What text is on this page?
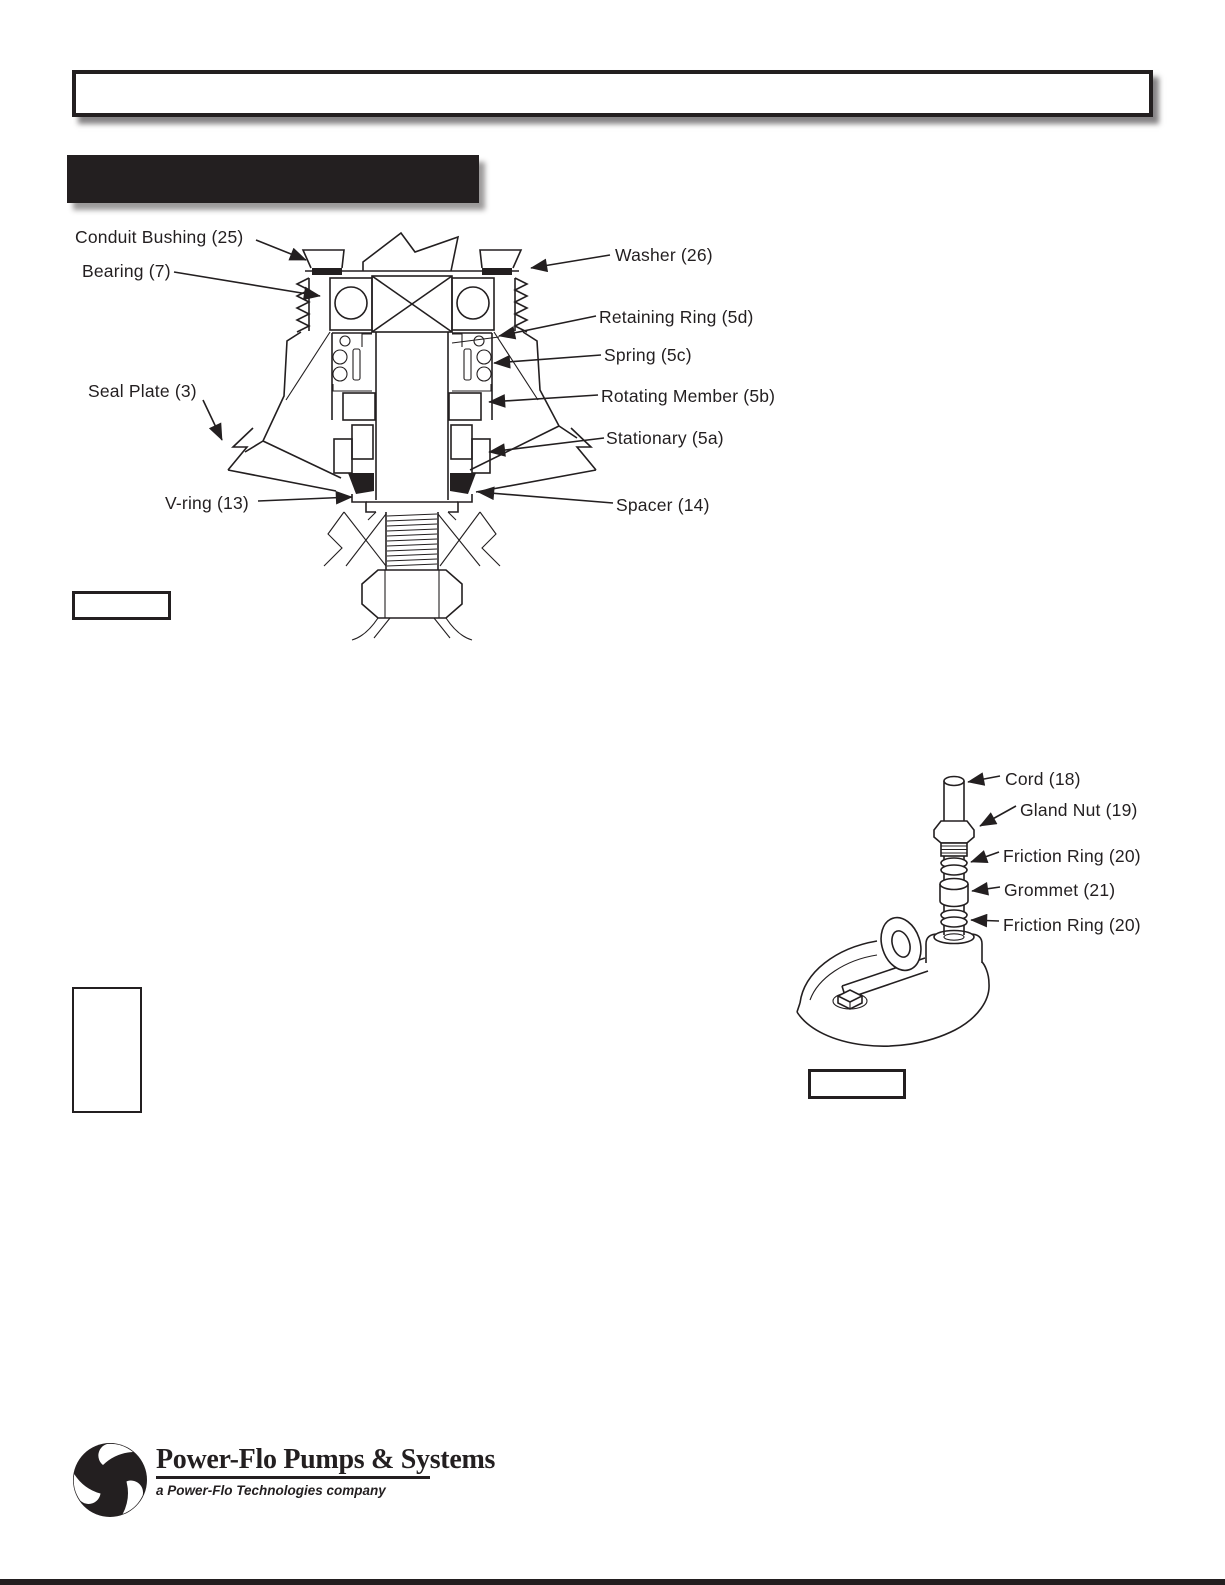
Conduit Bushing (25)
Bearing (7)
Seal Plate (3)
V-ring (13)
Washer (26)
Retaining Ring (5d)
Spring (5c)
Rotating Member (5b)
Stationary (5a)
Spacer (14)
Cord (18)
Gland Nut (19)
Friction Ring (20)
Grommet (21)
Friction Ring (20)
Power-Flo Pumps & Systems
a Power-Flo Technologies company
